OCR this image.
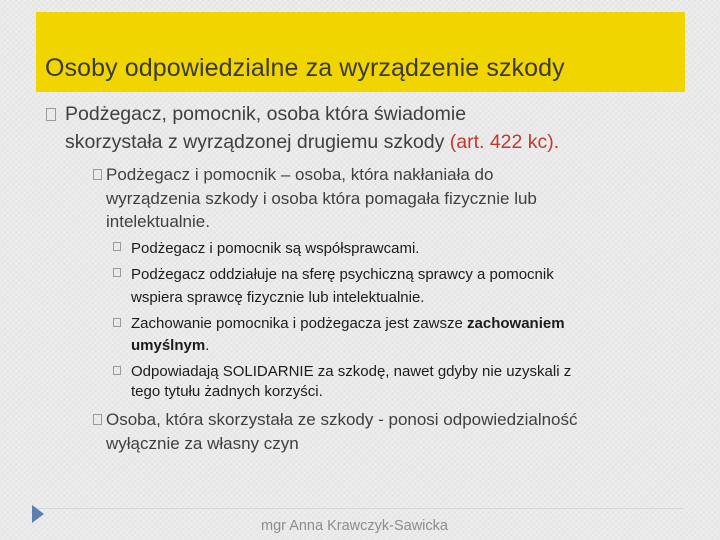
Osoby odpowiedzialne za wyrządzenie szkody
Podżegacz, pomocnik, osoba która świadomie
skorzystała z wyrządzonej drugiemu szkody (art. 422 kc).
Podżegacz i pomocnik – osoba, która nakłaniała do
wyrządzenia szkody i osoba która pomagała fizycznie lub
intelektualnie.
Podżegacz i pomocnik są współsprawcami.
Podżegacz oddziałuje na sferę psychiczną sprawcy a pomocnik
wspiera sprawcę fizycznie lub intelektualnie.
Zachowanie pomocnika i podżegacza jest zawsze zachowaniem
umyślnym.
Odpowiadają SOLIDARNIE za szkodę, nawet gdyby nie uzyskali z
tego tytułu żadnych korzyści.
Osoba, która skorzystała ze szkody - ponosi odpowiedzialność
wyłącznie za własny czyn
mgr Anna Krawczyk-Sawicka
